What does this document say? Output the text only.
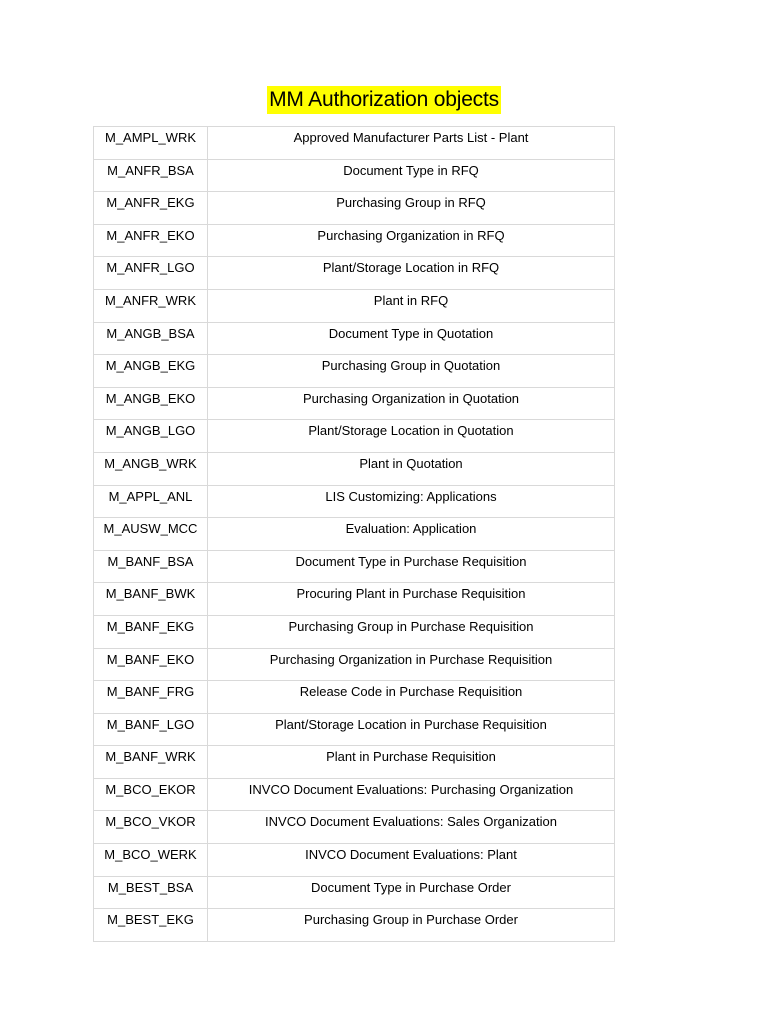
MM Authorization objects
M_AMPL_WRK	Approved Manufacturer Parts List - Plant

M_ANFR_BSA	Document Type in RFQ

M_ANFR_EKG	Purchasing Group in RFQ

M_ANFR_EKO	Purchasing Organization in RFQ

M_ANFR_LGO	Plant/Storage Location in RFQ

M_ANFR_WRK	Plant in RFQ

M_ANGB_BSA	Document Type in Quotation

M_ANGB_EKG	Purchasing Group in Quotation

M_ANGB_EKO	Purchasing Organization in Quotation

M_ANGB_LGO	Plant/Storage Location in Quotation

M_ANGB_WRK	Plant in Quotation

M_APPL_ANL	LIS Customizing: Applications

M_AUSW_MCC	Evaluation: Application

M_BANF_BSA	Document Type in Purchase Requisition

M_BANF_BWK	Procuring Plant in Purchase Requisition

M_BANF_EKG	Purchasing Group in Purchase Requisition

M_BANF_EKO	Purchasing Organization in Purchase Requisition

M_BANF_FRG	Release Code in Purchase Requisition

M_BANF_LGO	Plant/Storage Location in Purchase Requisition

M_BANF_WRK	Plant in Purchase Requisition

M_BCO_EKOR	INVCO Document Evaluations: Purchasing Organization

M_BCO_VKOR	INVCO Document Evaluations: Sales Organization

M_BCO_WERK	INVCO Document Evaluations: Plant

M_BEST_BSA	Document Type in Purchase Order

M_BEST_EKG	Purchasing Group in Purchase Order
